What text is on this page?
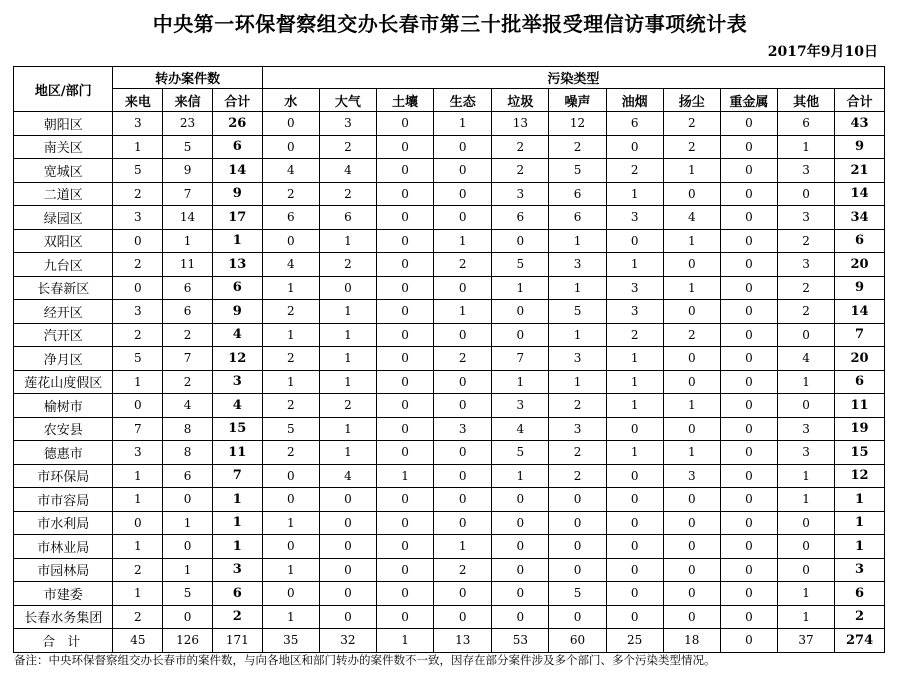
中央第一环保督察组交办长春市第三十批举报受理信访事项统计表
2017年9月10日
地区/部门	转办案件数			污染类型										
	来电	来信	合计	水	大气	土壤	生态	垃圾	噪声	油烟	扬尘	重金属	其他	合计
朝阳区	3	23	26	0	3	0	1	13	12	6	2	0	6	43
南关区	1	5	6	0	2	0	0	2	2	0	2	0	1	9
宽城区	5	9	14	4	4	0	0	2	5	2	1	0	3	21
二道区	2	7	9	2	2	0	0	3	6	1	0	0	0	14
绿园区	3	14	17	6	6	0	0	6	6	3	4	0	3	34
双阳区	0	1	1	0	1	0	1	0	1	0	1	0	2	6
九台区	2	11	13	4	2	0	2	5	3	1	0	0	3	20
长春新区	0	6	6	1	0	0	0	1	1	3	1	0	2	9
经开区	3	6	9	2	1	0	1	0	5	3	0	0	2	14
汽开区	2	2	4	1	1	0	0	0	1	2	2	0	0	7
净月区	5	7	12	2	1	0	2	7	3	1	0	0	4	20
莲花山度假区	1	2	3	1	1	0	0	1	1	1	0	0	1	6
榆树市	0	4	4	2	2	0	0	3	2	1	1	0	0	11
农安县	7	8	15	5	1	0	3	4	3	0	0	0	3	19
德惠市	3	8	11	2	1	0	0	5	2	1	1	0	3	15
市环保局	1	6	7	0	4	1	0	1	2	0	3	0	1	12
市市容局	1	0	1	0	0	0	0	0	0	0	0	0	1	1
市水利局	0	1	1	1	0	0	0	0	0	0	0	0	0	1
市林业局	1	0	1	0	0	0	1	0	0	0	0	0	0	1
市园林局	2	1	3	1	0	0	2	0	0	0	0	0	0	3
市建委	1	5	6	0	0	0	0	0	5	0	0	0	1	6
长春水务集团	2	0	2	1	0	0	0	0	0	0	0	0	1	2
合 计	45	126	171	35	32	1	13	53	60	25	18	0	37	274
备注：中央环保督察组交办长春市的案件数，与向各地区和部门转办的案件数不一致，因存在部分案件涉及多个部门、多个污染类型情况。
